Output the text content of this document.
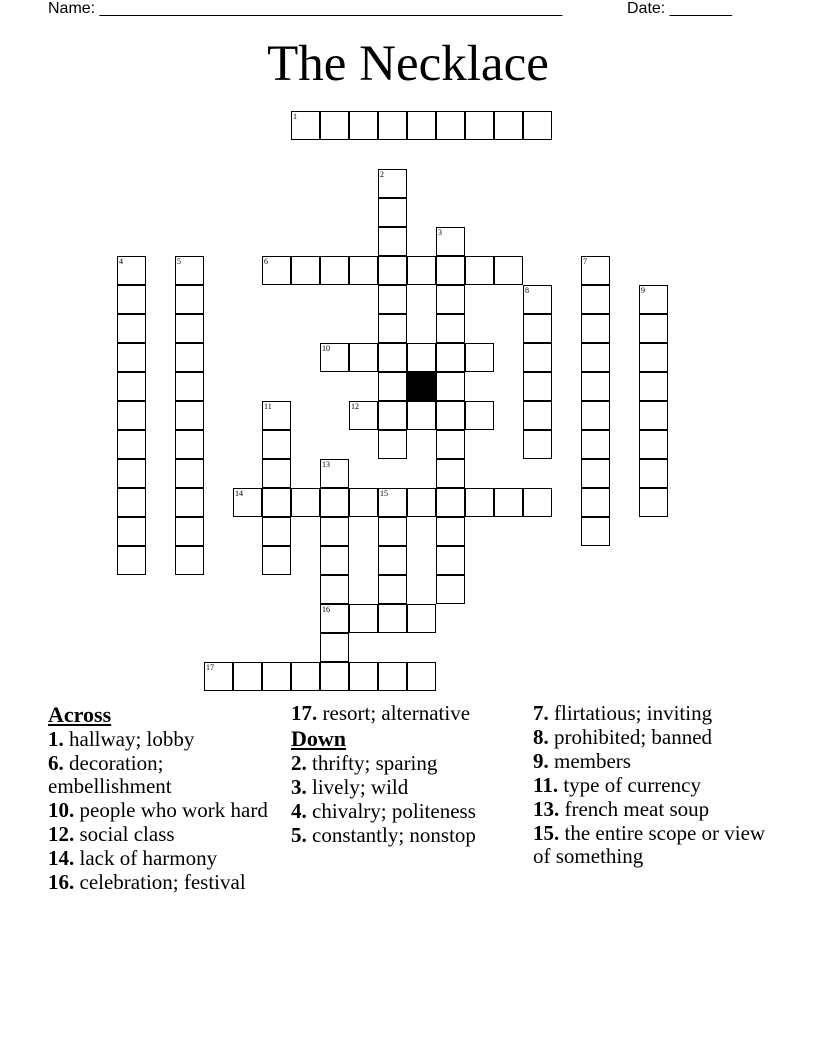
Name: ____________________________________________________	Date: _______
The Necklace
1
2
3
4	5	6	7
8	9
10
11	12
13
14	15
16
17
Across
1. hallway; lobby
6. decoration; embellishment
10. people who work hard
12. social class
14. lack of harmony
16. celebration; festival
17. resort; alternative
Down
2. thrifty; sparing
3. lively; wild
4. chivalry; politeness
5. constantly; nonstop
7. flirtatious; inviting
8. prohibited; banned
9. members
11. type of currency
13. french meat soup
15. the entire scope or view of something
